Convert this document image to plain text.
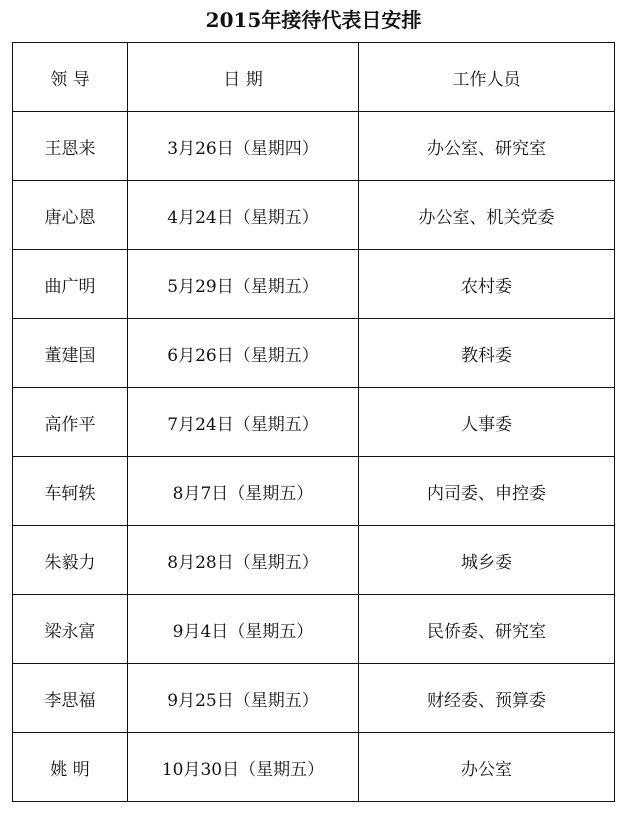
2015年接待代表日安排
领 导	日 期	工作人员
王恩来	3月26日（星期四）	办公室、研究室
唐心恩	4月24日（星期五）	办公室、机关党委
曲广明	5月29日（星期五）	农村委
董建国	6月26日（星期五）	教科委
高作平	7月24日（星期五）	人事委
车轲轶	8月7日（星期五）	内司委、申控委
朱毅力	8月28日（星期五）	城乡委
梁永富	9月4日（星期五）	民侨委、研究室
李思福	9月25日（星期五）	财经委、预算委
姚 明	10月30日（星期五）	办公室
